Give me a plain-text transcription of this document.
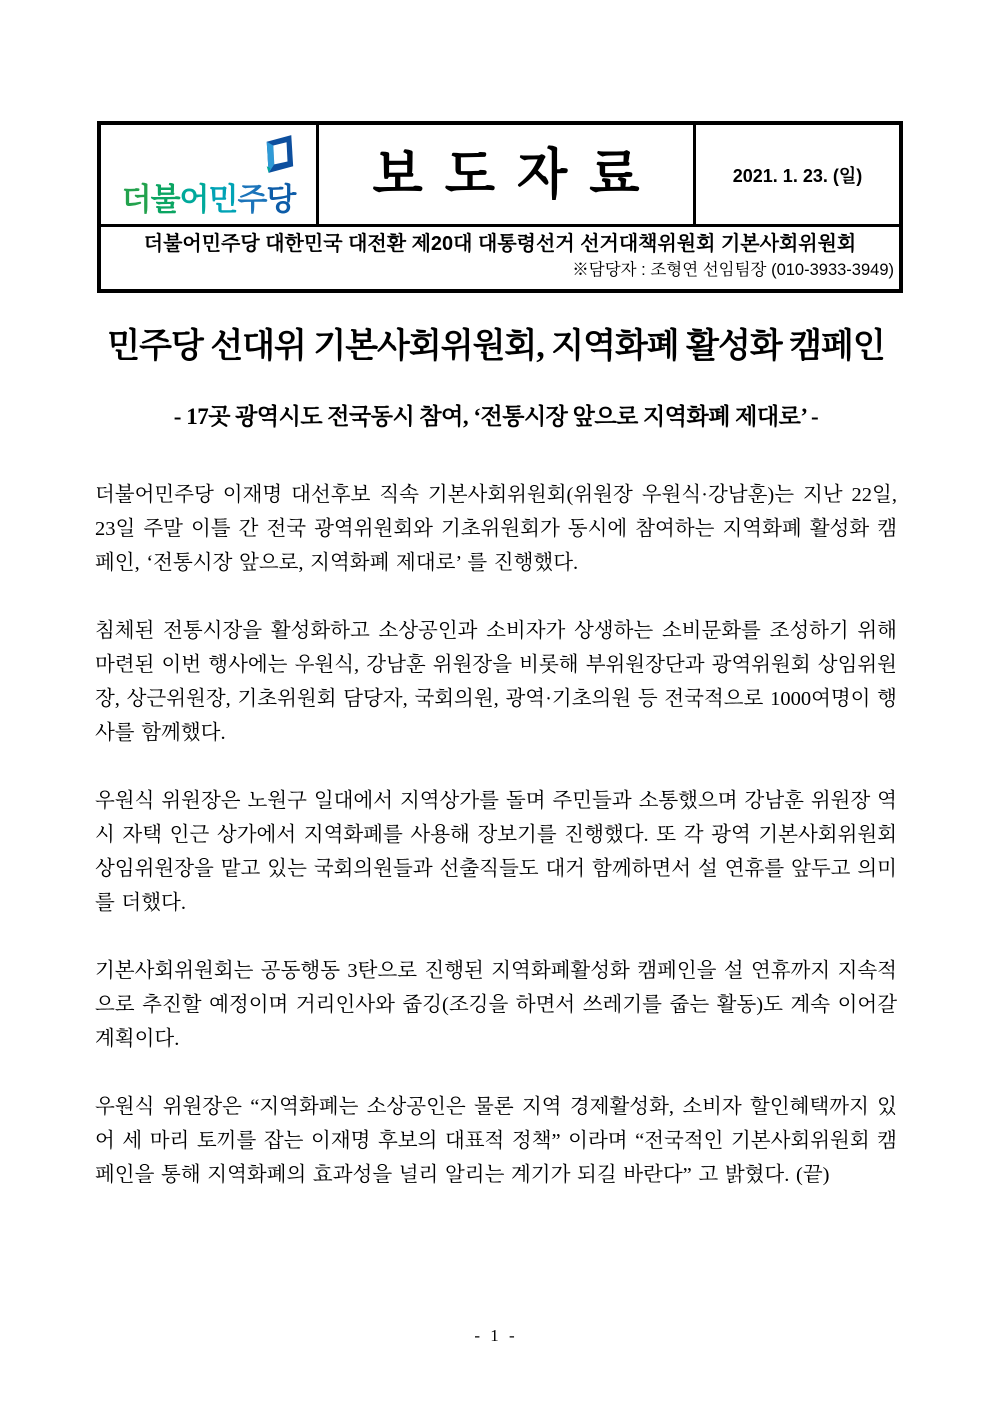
더불어민주당	보도자료	2021. 1. 23. (일)
더불어민주당 대한민국 대전환 제20대 대통령선거 선거대책위원회 기본사회위원회
※담당자 : 조형연 선임팀장 (010-3933-3949)
민주당 선대위 기본사회위원회, 지역화폐 활성화 캠페인
- 17곳 광역시도 전국동시 참여, ‘전통시장 앞으로 지역화폐 제대로’ -

더불어민주당 이재명 대선후보 직속 기본사회위원회(위원장 우원식·강남훈)는 지난 22일, 23일 주말 이틀 간 전국 광역위원회와 기초위원회가 동시에 참여하는 지역화폐 활성화 캠페인, ‘전통시장 앞으로, 지역화폐 제대로’ 를 진행했다.

침체된 전통시장을 활성화하고 소상공인과 소비자가 상생하는 소비문화를 조성하기 위해 마련된 이번 행사에는 우원식, 강남훈 위원장을 비롯해 부위원장단과 광역위원회 상임위원장, 상근위원장, 기초위원회 담당자, 국회의원, 광역·기초의원 등 전국적으로 1000여명이 행사를 함께했다.

우원식 위원장은 노원구 일대에서 지역상가를 돌며 주민들과 소통했으며 강남훈 위원장 역시 자택 인근 상가에서 지역화폐를 사용해 장보기를 진행했다. 또 각 광역 기본사회위원회 상임위원장을 맡고 있는 국회의원들과 선출직들도 대거 함께하면서 설 연휴를 앞두고 의미를 더했다.

기본사회위원회는 공동행동 3탄으로 진행된 지역화폐활성화 캠페인을 설 연휴까지 지속적으로 추진할 예정이며 거리인사와 줍깅(조깅을 하면서 쓰레기를 줍는 활동)도 계속 이어갈 계획이다.

우원식 위원장은 “지역화폐는 소상공인은 물론 지역 경제활성화, 소비자 할인혜택까지 있어 세 마리 토끼를 잡는 이재명 후보의 대표적 정책” 이라며 “전국적인 기본사회위원회 캠페인을 통해 지역화폐의 효과성을 널리 알리는 계기가 되길 바란다” 고 밝혔다. (끝)

- 1 -
